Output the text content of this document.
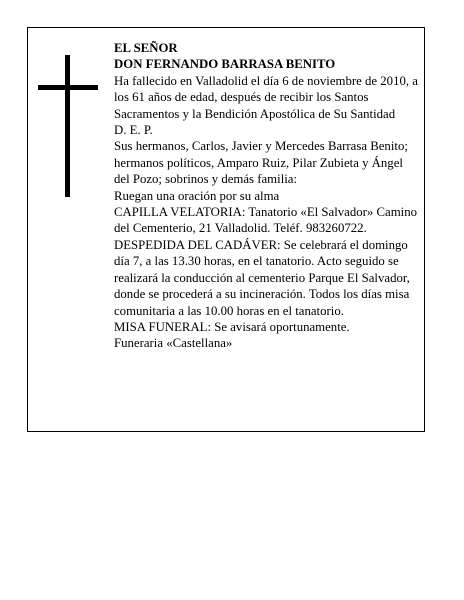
EL SEÑOR

DON FERNANDO BARRASA BENITO

Ha fallecido en Valladolid el día 6 de noviembre de 2010, a los 61 años de edad, después de recibir los Santos Sacramentos y la Bendición Apostólica de Su Santidad

D. E. P.

Sus hermanos, Carlos, Javier y Mercedes Barrasa Benito; hermanos políticos, Amparo Ruiz, Pilar Zubieta y Ángel del Pozo; sobrinos y demás familia:

Ruegan una oración por su alma

CAPILLA VELATORIA: Tanatorio «El Salvador» Camino del Cementerio, 21 Valladolid. Teléf. 983260722.

DESPEDIDA DEL CADÁVER: Se celebrará el domingo día 7, a las 13.30 horas, en el tanatorio. Acto seguido se realizará la conducción al cementerio Parque El Salvador, donde se procederá a su incineración. Todos los días misa comunitaria a las 10.00 horas en el tanatorio.

MISA FUNERAL: Se avisará oportunamente.

Funeraria «Castellana»
